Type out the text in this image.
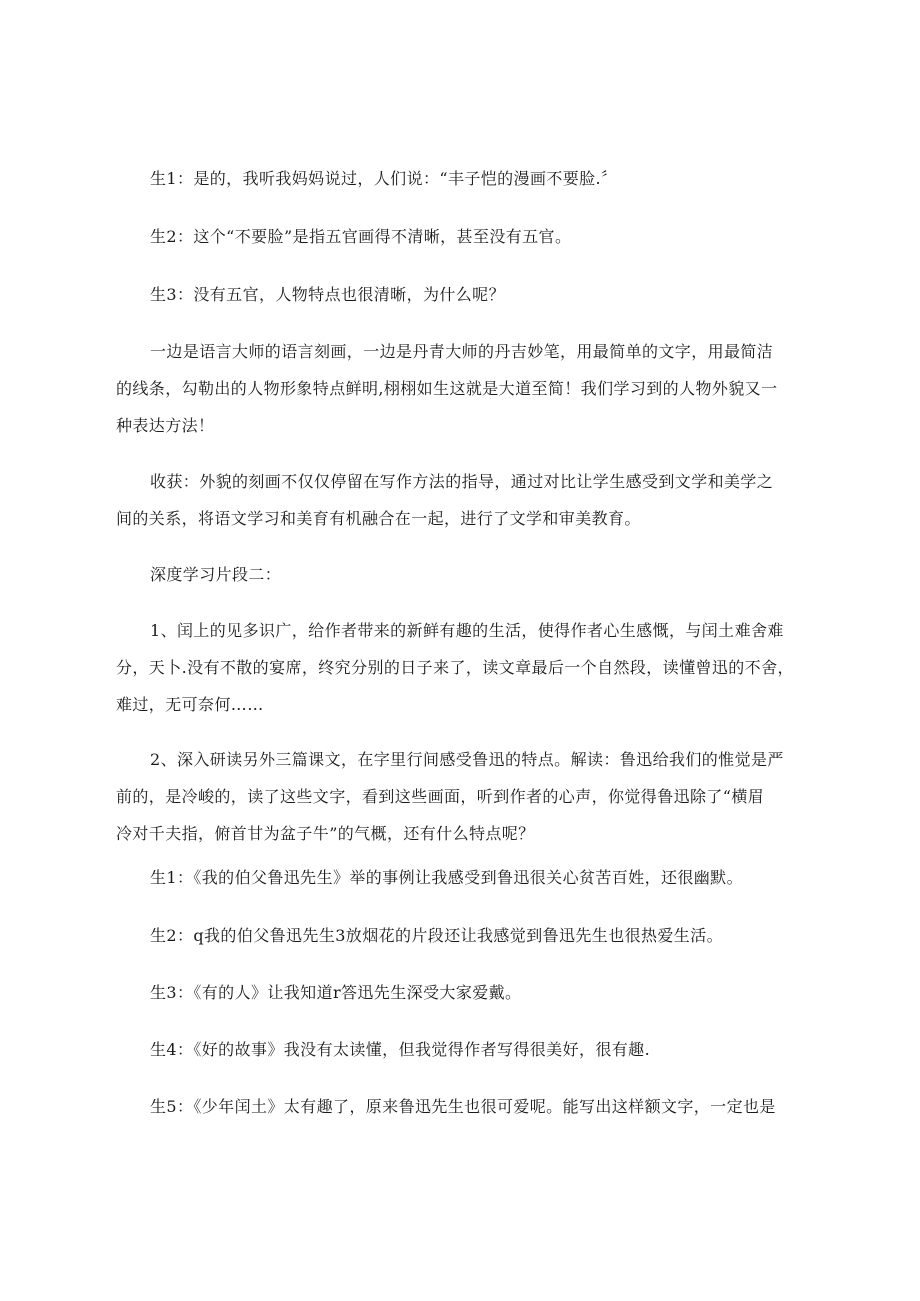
生1：是的，我听我妈妈说过，人们说：“丰子恺的漫画不要脸.〞

生2：这个“不要脸”是指五官画得不清晰，甚至没有五官。

生3：没有五官，人物特点也很清晰，为什么呢？

一边是语言大师的语言刻画，一边是丹青大师的丹吉妙笔，用最简单的文字，用最简洁
的线条，勾勒出的人物形象特点鲜明,栩栩如生这就是大道至简！我们学习到的人物外貌又一
种表达方法！

收获：外貌的刻画不仅仅停留在写作方法的指导，通过对比让学生感受到文学和美学之
间的关系，将语文学习和美育有机融合在一起，进行了文学和审美教育。

深度学习片段二：

1、闰上的见多识广，给作者带来的新鲜有趣的生活，使得作者心生感慨，与闰土难舍难
分，天卜.没有不散的宴席，终究分别的日子来了，读文章最后一个自然段，读懂曾迅的不舍，
难过，无可奈何……

2、深入研读另外三篇课文，在字里行间感受鲁迅的特点。解读：鲁迅给我们的惟觉是严
前的，是冷峻的，读了这些文字，看到这些画面，听到作者的心声，你觉得鲁迅除了“横眉
冷对千夫指，俯首甘为盆子牛”的气概，还有什么特点呢？

生1：《我的伯父鲁迅先生》举的事例让我感受到鲁迅很关心贫苦百姓，还很幽默。

生2：q我的伯父鲁迅先生3放烟花的片段还让我感觉到鲁迅先生也很热爱生活。

生3：《有的人》让我知道r答迅先生深受大家爱戴。

生4：《好的故事》我没有太读懂，但我觉得作者写得很美好，很有趣.

生5：《少年闰土》太有趣了，原来鲁迅先生也很可爱呢。能写出这样额文字，一定也是
